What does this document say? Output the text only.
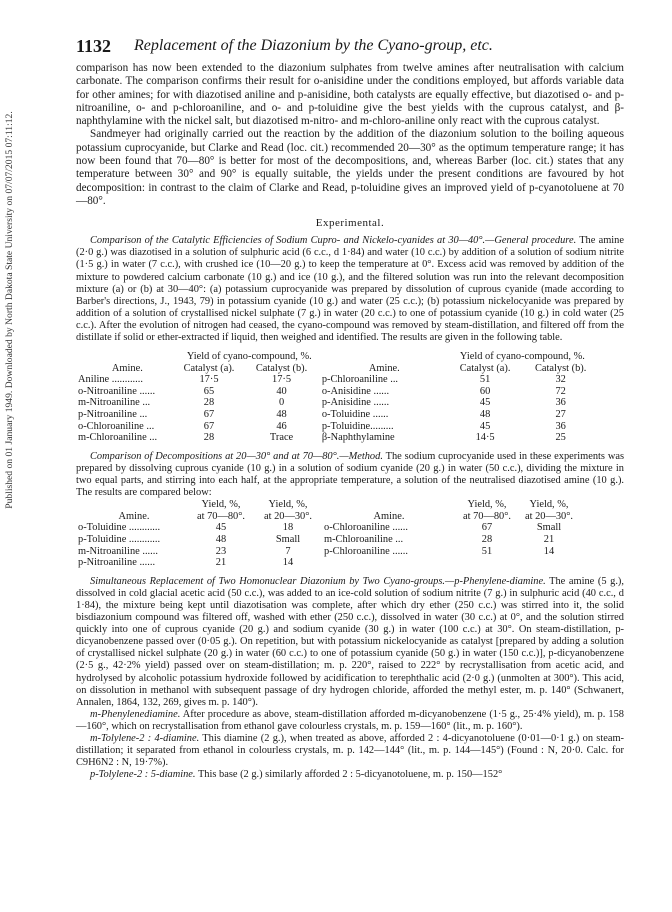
Published on 01 January 1949. Downloaded by North Dakota State University on 07/07/2015 07:11:12.
1132 Replacement of the Diazonium by the Cyano-group, etc.

comparison has now been extended to the diazonium sulphates from twelve amines after neutralisation with calcium carbonate. The comparison confirms their result for o-anisidine under the conditions employed, but affords variable data for other amines; for with diazotised aniline and p-anisidine, both catalysts are equally effective, but diazotised o- and p-nitroaniline, o- and p-chloroaniline, and o- and p-toluidine give the best yields with the cuprous catalyst, and β-naphthylamine with the nickel salt, but diazotised m-nitro- and m-chloro-aniline only react with the cuprous catalyst.

Sandmeyer had originally carried out the reaction by the addition of the diazonium solution to the boiling aqueous potassium cuprocyanide, but Clarke and Read (loc. cit.) recommended 20—30° as the optimum temperature range; it has now been found that 70—80° is better for most of the decompositions, and, whereas Barber (loc. cit.) states that any temperature between 30° and 90° is equally suitable, the yields under the present conditions are favoured by hot decomposition: in contrast to the claim of Clarke and Read, p-toluidine gives an improved yield of p-cyanotoluene at 70—80°.

Experimental.

Comparison of the Catalytic Efficiencies of Sodium Cupro- and Nickelo-cyanides at 30—40°.—General procedure. The amine (2·0 g.) was diazotised in a solution of sulphuric acid (6 c.c., d 1·84) and water (10 c.c.) by addition of a solution of sodium nitrite (1·5 g.) in water (7 c.c.), with crushed ice (10—20 g.) to keep the temperature at 0°. Excess acid was removed by addition of the mixture to powdered calcium carbonate (10 g.) and ice (10 g.), and the filtered solution was run into the relevant decomposition mixture (a) or (b) at 30—40°: (a) potassium cuprocyanide was prepared by dissolution of cuprous cyanide (made according to Barber's directions, J., 1943, 79) in potassium cyanide (10 g.) and water (25 c.c.); (b) potassium nickelocyanide was prepared by addition of a solution of crystallised nickel sulphate (7 g.) in water (20 c.c.) to one of potassium cyanide (10 g.) in cold water (25 c.c.). After the evolution of nitrogen had ceased, the cyano-compound was removed by steam-distillation, and filtered off from the distillate if solid or ether-extracted if liquid, then weighed and identified. The results are given in the following table.

	Yield of cyano-compound, %.			Yield of cyano-compound, %.	
Amine.	Catalyst (a).	Catalyst (b).	Amine.	Catalyst (a).	Catalyst (b).
Aniline ............	17·5	17·5	p-Chloroaniline ...	51	32
o-Nitroaniline ......	65	40	o-Anisidine ......	60	72
m-Nitroaniline ...	28	0	p-Anisidine ......	45	36
p-Nitroaniline ...	67	48	o-Toluidine ......	48	27
o-Chloroaniline ...	67	46	p-Toluidine.........	45	36
m-Chloroaniline ...	28	Trace	β-Naphthylamine	14·5	25

Comparison of Decompositions at 20—30° and at 70—80°.—Method. The sodium cuprocyanide used in these experiments was prepared by dissolving cuprous cyanide (10 g.) in a solution of sodium cyanide (20 g.) in water (50 c.c.), dividing the mixture in two equal parts, and stirring into each half, at the appropriate temperature, a solution of the neutralised diazotised amine (10 g.). The results are compared below:

	Yield, %,	Yield, %,		Yield, %,	Yield, %,
Amine.	at 70—80°.	at 20—30°.	Amine.	at 70—80°.	at 20—30°.
o-Toluidine ............	45	18	o-Chloroaniline ......	67	Small
p-Toluidine ............	48	Small	m-Chloroaniline ...	28	21
m-Nitroaniline ......	23	7	p-Chloroaniline ......	51	14
p-Nitroaniline ......	21	14			

Simultaneous Replacement of Two Homonuclear Diazonium by Two Cyano-groups.—p-Phenylene-diamine. The amine (5 g.), dissolved in cold glacial acetic acid (50 c.c.), was added to an ice-cold solution of sodium nitrite (7 g.) in sulphuric acid (40 c.c., d 1·84), the mixture being kept until diazotisation was complete, after which dry ether (250 c.c.) was stirred into it, the solid bisdiazonium compound was filtered off, washed with ether (250 c.c.), dissolved in water (30 c.c.) at 0°, and the solution stirred quickly into one of cuprous cyanide (20 g.) and sodium cyanide (30 g.) in water (100 c.c.) at 30°. On steam-distillation, p-dicyanobenzene passed over (0·05 g.). On repetition, but with potassium nickelocyanide as catalyst [prepared by adding a solution of crystallised nickel sulphate (20 g.) in water (60 c.c.) to one of potassium cyanide (50 g.) in water (150 c.c.)], p-dicyanobenzene (2·5 g., 42·2% yield) passed over on steam-distillation; m. p. 220°, raised to 222° by recrystallisation from acetic acid, and hydrolysed by alcoholic potassium hydroxide followed by acidification to terephthalic acid (2·0 g.) (unmolten at 300°). This acid, on dissolution in methanol with subsequent passage of dry hydrogen chloride, afforded the methyl ester, m. p. 140° (Schwanert, Annalen, 1864, 132, 269, gives m. p. 140°).

m-Phenylenediamine. After procedure as above, steam-distillation afforded m-dicyanobenzene (1·5 g., 25·4% yield), m. p. 158—160°, which on recrystallisation from ethanol gave colourless crystals, m. p. 159—160° (lit., m. p. 160°).

m-Tolylene-2 : 4-diamine. This diamine (2 g.), when treated as above, afforded 2 : 4-dicyanotoluene (0·01—0·1 g.) on steam-distillation; it separated from ethanol in colourless crystals, m. p. 142—144° (lit., m. p. 144—145°) (Found : N, 20·0. Calc. for C9H6N2 : N, 19·7%).

p-Tolylene-2 : 5-diamine. This base (2 g.) similarly afforded 2 : 5-dicyanotoluene, m. p. 150—152°
